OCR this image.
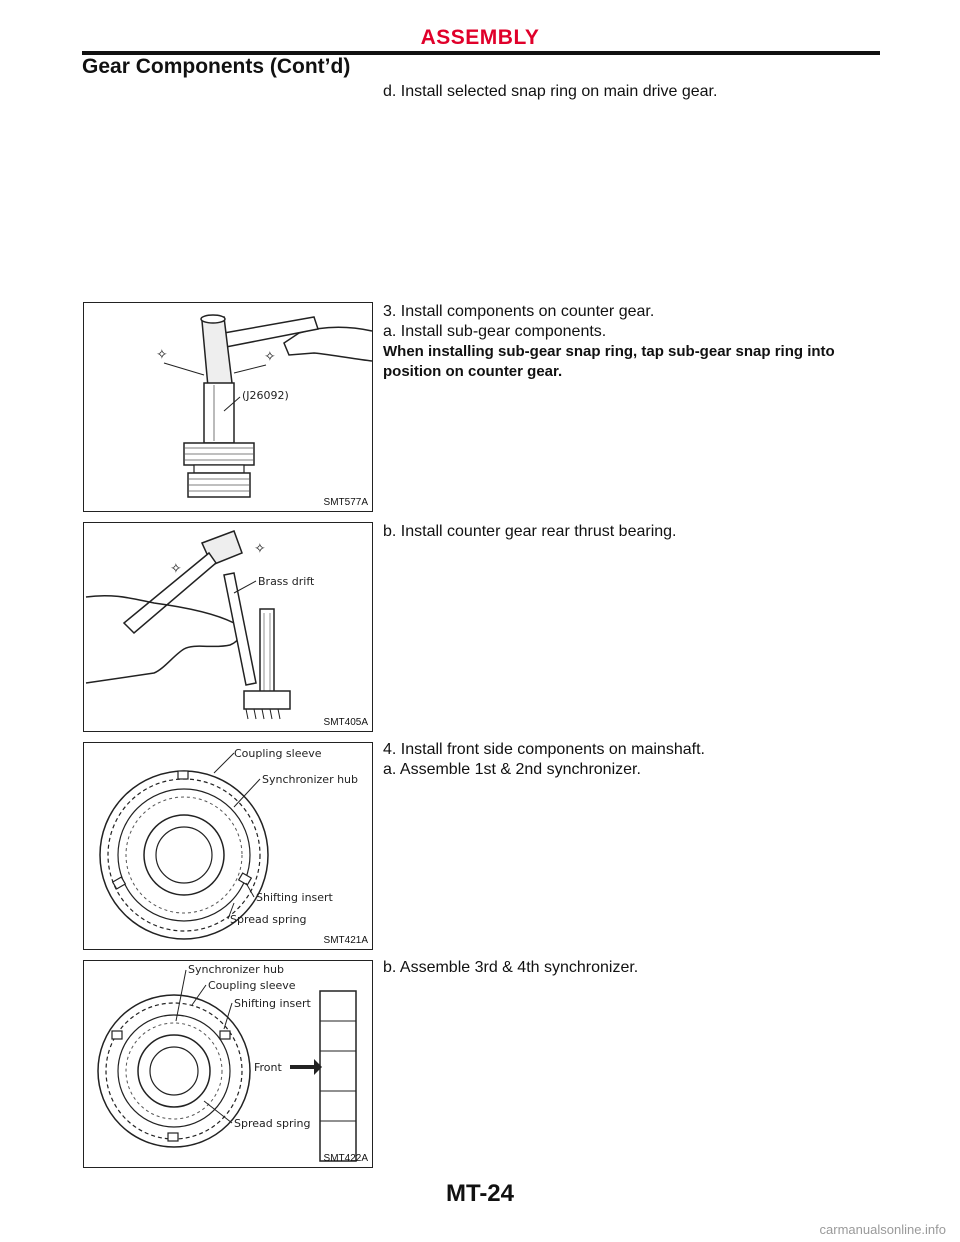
ASSEMBLY
Gear Components (Cont’d)

d. Install selected snap ring on main drive gear.

3. Install components on counter gear.

a. Install sub-gear components.

When installing sub-gear snap ring, tap sub-gear snap ring into position on counter gear.

b. Install counter gear rear thrust bearing.

4. Install front side components on mainshaft.

a. Assemble 1st & 2nd synchronizer.

b. Assemble 3rd & 4th synchronizer.

✧	✧
(J26092)
SMT577A
✧
✧
Brass drift
SMT405A
Coupling sleeve
Synchronizer hub
Shifting insert
Spread spring
SMT421A
Synchronizer hub
Coupling sleeve
Shifting insert
Front
Spread spring
SMT422A
MT-24
carmanualsonline.info
